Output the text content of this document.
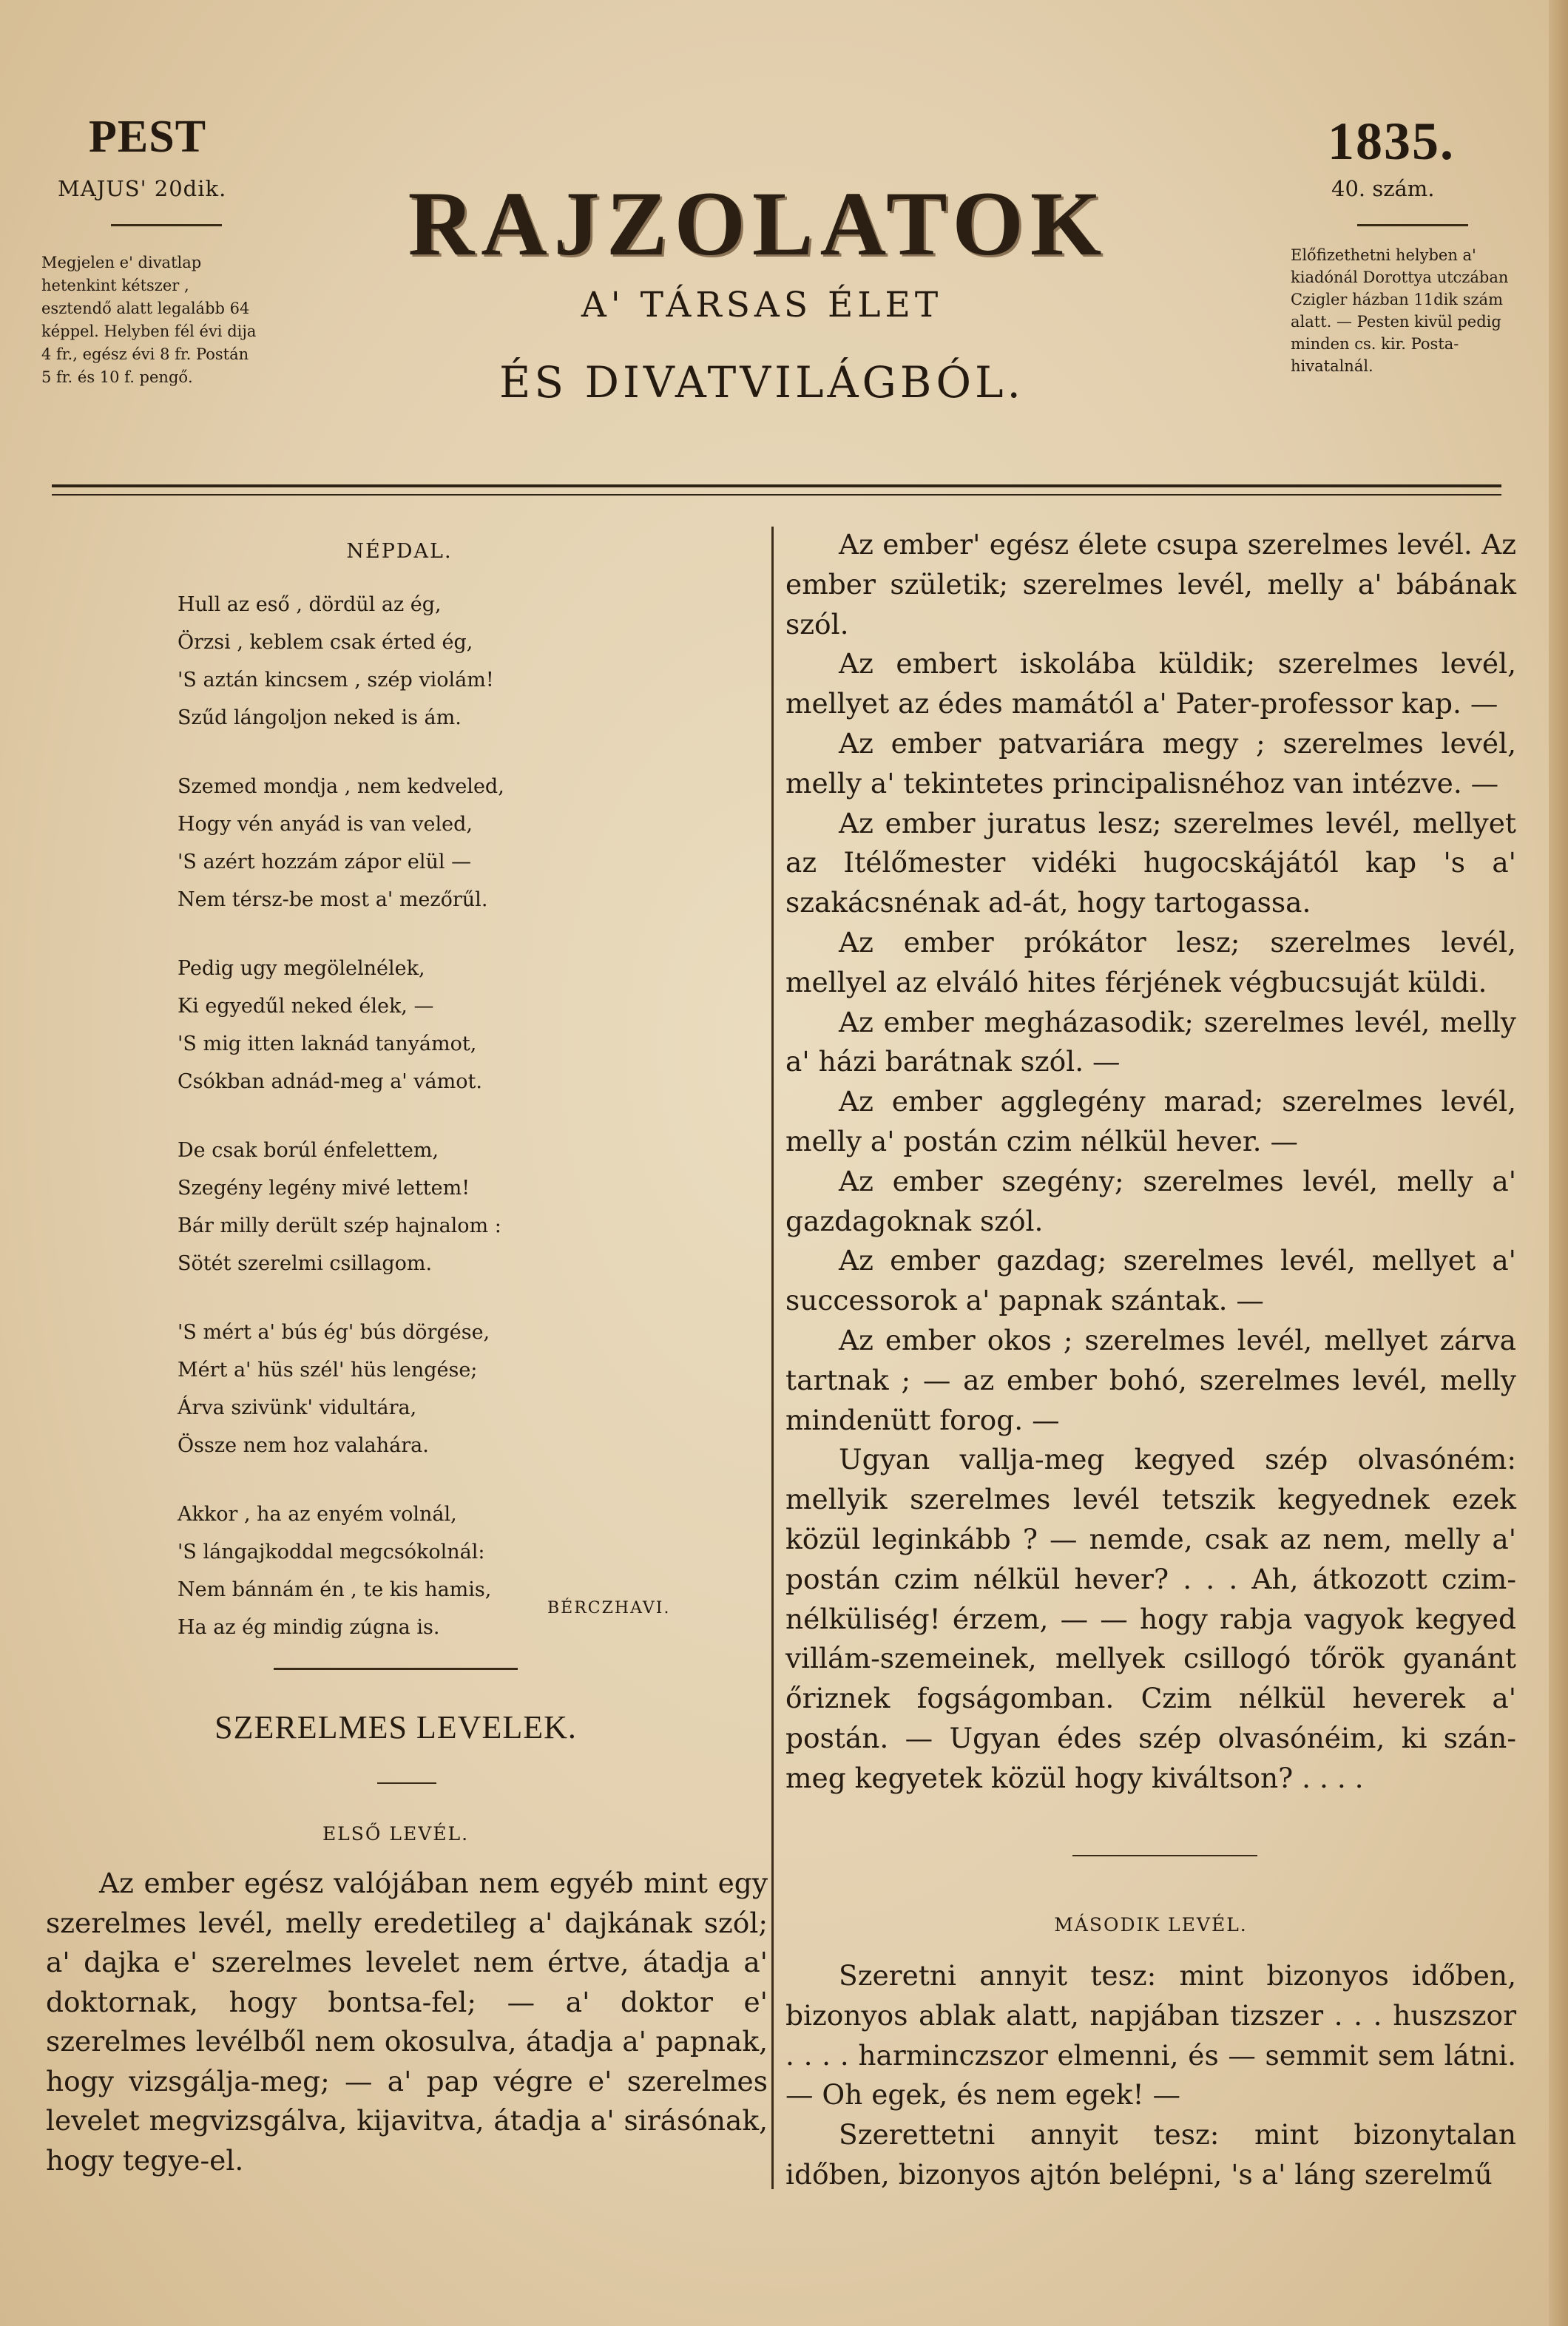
PEST
MAJUS' 20dik.
Megjelen e' divatlap hetenkint kétszer , esztendő alatt legalább 64 képpel. Helyben fél évi dija 4 fr., egész évi 8 fr. Postán 5 fr. és 10 f. pengő.
1835.
40. szám.
Előfizethetni helyben a' kiadónál Dorottya utczában Czigler házban 11dik szám alatt. — Pesten kivül pedig minden cs. kir. Posta-hivatalnál.
RAJZOLATOK
A' TÁRSAS ÉLET
ÉS DIVATVILÁGBÓL.
NÉPDAL.
Hull az eső , dördül az ég,
Örzsi , keblem csak érted ég,
'S aztán kincsem , szép violám!
Szűd lángoljon neked is ám.
Szemed mondja , nem kedveled,
Hogy vén anyád is van veled,
'S azért hozzám zápor elül —
Nem térsz-be most a' mezőrűl.
Pedig ugy megölelnélek,
Ki egyedűl neked élek, —
'S mig itten laknád tanyámot,
Csókban adnád-meg a' vámot.
De csak borúl énfelettem,
Szegény legény mivé lettem!
Bár milly derült szép hajnalom :
Sötét szerelmi csillagom.
'S mért a' bús ég' bús dörgése,
Mért a' hüs szél' hüs lengése;
Árva szivünk' vidultára,
Össze nem hoz valahára.
Akkor , ha az enyém volnál,
'S lángajkoddal megcsókolnál:
Nem bánnám én , te kis hamis,
Ha az ég mindig zúgna is.
BÉRCZHAVI.
SZERELMES LEVELEK.
ELSŐ LEVÉL.

Az ember egész valójában nem egyéb mint egy szerelmes levél, melly eredetileg a' dajkának szól; a' dajka e' szerelmes levelet nem értve, átadja a' doktornak, hogy bontsa-fel; — a' doktor e' szerelmes levélből nem okosulva, átadja a' papnak, hogy vizsgálja-meg; — a' pap végre e' szerelmes levelet megvizsgálva, kijavitva, átadja a' sirásónak, hogy tegye-el.

Az ember' egész élete csupa szerelmes levél. Az ember születik; szerelmes levél, melly a' bábának szól.

Az embert iskolába küldik; szerelmes levél, mellyet az édes mamától a' Pater-professor kap. —

Az ember patvariára megy ; szerelmes levél, melly a' tekintetes principalisnéhoz van intézve. —

Az ember juratus lesz; szerelmes levél, mellyet az Itélőmester vidéki hugocskájától kap 's a' szakácsnénak ad-át, hogy tartogassa.

Az ember prókátor lesz; szerelmes levél, mellyel az elváló hites férjének végbucsuját küldi.

Az ember megházasodik; szerelmes levél, melly a' házi barátnak szól. —

Az ember agglegény marad; szerelmes levél, melly a' postán czim nélkül hever. —

Az ember szegény; szerelmes levél, melly a' gazdagoknak szól.

Az ember gazdag; szerelmes levél, mellyet a' successorok a' papnak szántak. —

Az ember okos ; szerelmes levél, mellyet zárva tartnak ; — az ember bohó, szerelmes levél, melly mindenütt forog. —

Ugyan vallja-meg kegyed szép olvasóném: mellyik szerelmes levél tetszik kegyednek ezek közül leginkább ? — nemde, csak az nem, melly a' postán czim nélkül hever? . . . Ah, átkozott czim-nélküliség! érzem, — — hogy rabja vagyok kegyed villám-szemeinek, mellyek csillogó tőrök gyanánt őriznek fogságomban. Czim nélkül heverek a' postán. — Ugyan édes szép olvasónéim, ki szán-meg kegyetek közül hogy kiváltson? . . . .

MÁSODIK LEVÉL.

Szeretni annyit tesz: mint bizonyos időben, bizonyos ablak alatt, napjában tizszer . . . huszszor . . . . harminczszor elmenni, és — semmit sem látni. — Oh egek, és nem egek! —

Szerettetni annyit tesz: mint bizonytalan időben, bizonyos ajtón belépni, 's a' láng szerelmű
